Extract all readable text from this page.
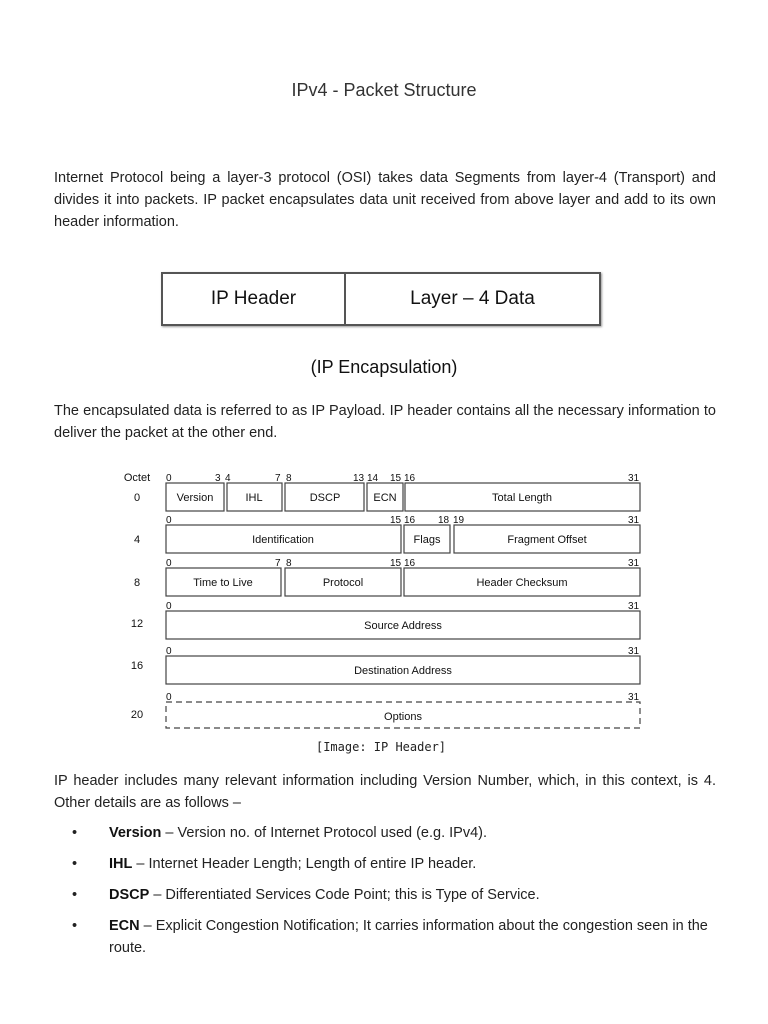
IPv4 - Packet Structure

Internet Protocol being a layer-3 protocol (OSI) takes data Segments from layer-4 (Transport) and divides it into packets. IP packet encapsulates data unit received from above layer and add to its own header information.

IP Header	Layer – 4 Data
(IP Encapsulation)

The encapsulated data is referred to as IP Payload. IP header contains all the necessary information to deliver the packet at the other end.

Octet
0
4
8
12
16
20
Version	IHL	DSCP	ECN	Total Length
Identification	Flags	Fragment Offset
Time to Live	Protocol	Header Checksum
Source Address
Destination Address
Options
0	3 4	7 8	13 14 15 16	31
0	15 16 18 19	31
0	7 8	15 16	31
0	31
0	31
0	31
[Image: IP Header]

IP header includes many relevant information including Version Number, which, in this context, is 4. Other details are as follows –

• Version – Version no. of Internet Protocol used (e.g. IPv4).
• IHL – Internet Header Length; Length of entire IP header.
• DSCP – Differentiated Services Code Point; this is Type of Service.
• ECN – Explicit Congestion Notification; It carries information about the congestion seen in the route.
